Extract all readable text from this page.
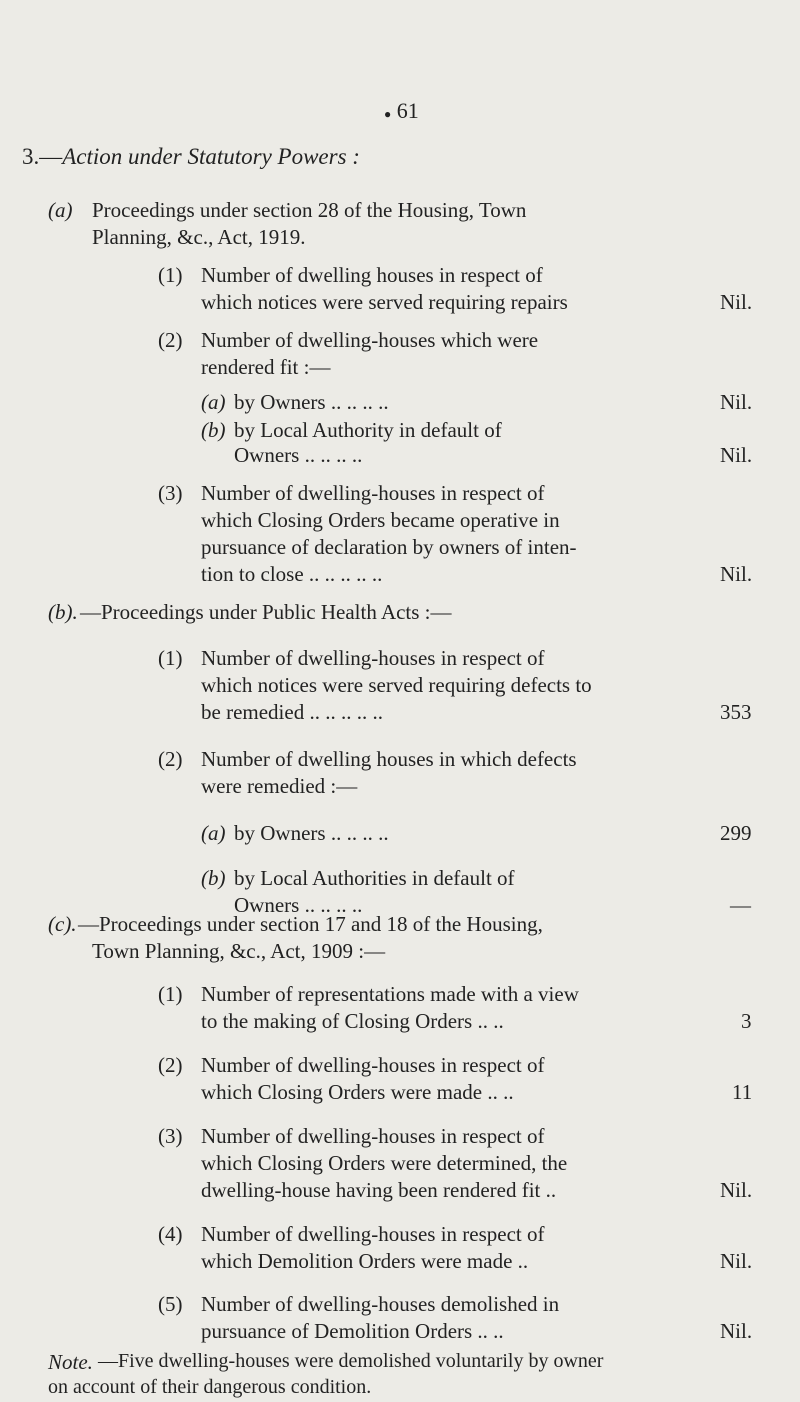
● 61
3.—Action under Statutory Powers :
(a) Proceedings under section 28 of the Housing, Town
Planning, &c., Act, 1919.
(1) Number of dwelling houses in respect of
which notices were served requiring repairs	Nil.
(2) Number of dwelling-houses which were
rendered fit :—
(a) by Owners .. .. .. ..	Nil.
(b) by Local Authority in default of
Owners .. .. .. ..	Nil.
(3) Number of dwelling-houses in respect of
which Closing Orders became operative in
pursuance of declaration by owners of inten-
tion to close .. .. .. .. ..	Nil.
(b). —Proceedings under Public Health Acts :—
(1) Number of dwelling-houses in respect of
which notices were served requiring defects to
be remedied .. .. .. .. ..	353
(2) Number of dwelling houses in which defects
were remedied :—
(a) by Owners .. .. .. ..	299
(b) by Local Authorities in default of
Owners .. .. .. ..	—
(c). —Proceedings under section 17 and 18 of the Housing,
Town Planning, &c., Act, 1909 :—
(1) Number of representations made with a view
to the making of Closing Orders .. ..	3
(2) Number of dwelling-houses in respect of
which Closing Orders were made .. ..	11
(3) Number of dwelling-houses in respect of
which Closing Orders were determined, the
dwelling-house having been rendered fit ..	Nil.
(4) Number of dwelling-houses in respect of
which Demolition Orders were made ..	Nil.
(5) Number of dwelling-houses demolished in
pursuance of Demolition Orders .. ..	Nil.
Note. —Five dwelling-houses were demolished voluntarily by owner
on account of their dangerous condition.
